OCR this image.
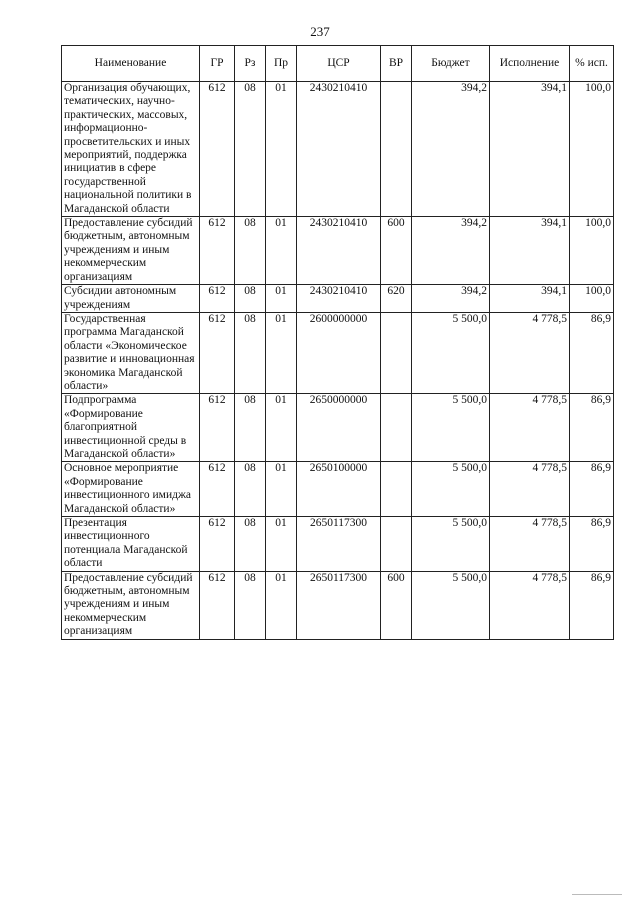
237
Наименование	ГР	Рз	Пр	ЦСР	ВР	Бюджет	Исполнение	% исп.
Организация обучающих, тематических, научно-практических, массовых, информационно-просветительских и иных мероприятий, поддержка инициатив в сфере государственной национальной политики в Магаданской области	612	08	01	2430210410		394,2	394,1	100,0
Предоставление субсидий бюджетным, автономным учреждениям и иным некоммерческим организациям	612	08	01	2430210410	600	394,2	394,1	100,0
Субсидии автономным учреждениям	612	08	01	2430210410	620	394,2	394,1	100,0
Государственная программа Магаданской области «Экономическое развитие и инновационная экономика Магаданской области»	612	08	01	2600000000		5 500,0	4 778,5	86,9
Подпрограмма «Формирование благоприятной инвестиционной среды в Магаданской области»	612	08	01	2650000000		5 500,0	4 778,5	86,9
Основное мероприятие «Формирование инвестиционного имиджа Магаданской области»	612	08	01	2650100000		5 500,0	4 778,5	86,9
Презентация инвестиционного потенциала Магаданской области	612	08	01	2650117300		5 500,0	4 778,5	86,9
Предоставление субсидий бюджетным, автономным учреждениям и иным некоммерческим организациям	612	08	01	2650117300	600	5 500,0	4 778,5	86,9
